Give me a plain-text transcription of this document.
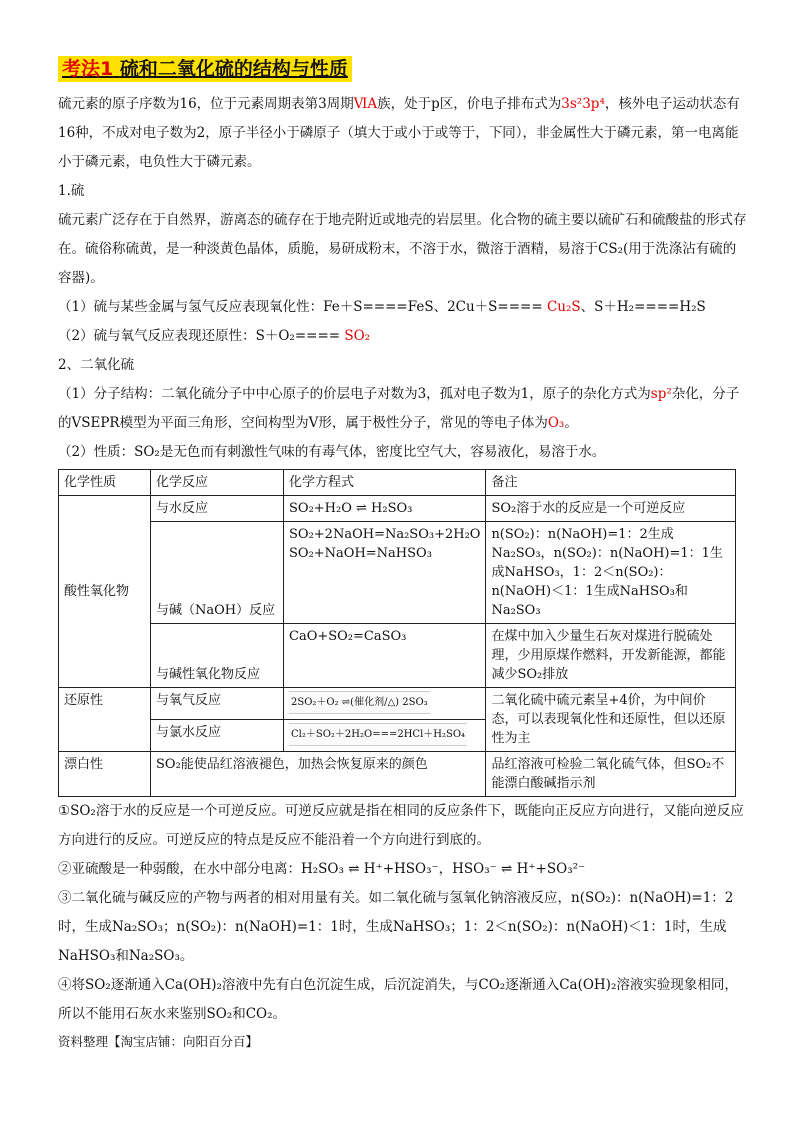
考法1 硫和二氧化硫的结构与性质

硫元素的原子序数为16，位于元素周期表第3周期ⅥA族，处于p区，价电子排布式为3s²3p⁴，核外电子运动状态有16种，不成对电子数为2，原子半径小于磷原子（填大于或小于或等于，下同），非金属性大于磷元素，第一电离能小于磷元素，电负性大于磷元素。

1.硫

硫元素广泛存在于自然界，游离态的硫存在于地壳附近或地壳的岩层里。化合物的硫主要以硫矿石和硫酸盐的形式存在。硫俗称硫黄，是一种淡黄色晶体，质脆，易研成粉末，不溶于水，微溶于酒精，易溶于CS₂(用于洗涤沾有硫的容器)。

（1）硫与某些金属与氢气反应表现氧化性：Fe＋S====FeS、2Cu＋S==== Cu₂S、S＋H₂====H₂S

（2）硫与氧气反应表现还原性：S＋O₂==== SO₂

2、二氧化硫

（1）分子结构：二氧化硫分子中中心原子的价层电子对数为3，孤对电子数为1，原子的杂化方式为sp²杂化，分子的VSEPR模型为平面三角形，空间构型为V形，属于极性分子，常见的等电子体为O₃。

（2）性质：SO₂是无色而有刺激性气味的有毒气体，密度比空气大，容易液化，易溶于水。

化学性质	化学反应	化学方程式	备注
酸性氧化物	与水反应	SO₂+H₂O ⇌ H₂SO₃	SO₂溶于水的反应是一个可逆反应
	与碱（NaOH）反应	SO₂+2NaOH=Na₂SO₃+2H₂O SO₂+NaOH=NaHSO₃	n(SO₂)：n(NaOH)=1：2生成Na₂SO₃，n(SO₂)：n(NaOH)=1：1生成NaHSO₃，1：2＜n(SO₂)：n(NaOH)＜1：1生成NaHSO₃和Na₂SO₃
	与碱性氧化物反应	CaO+SO₂=CaSO₃	在煤中加入少量生石灰对煤进行脱硫处理，少用原煤作燃料，开发新能源，都能减少SO₂排放
还原性	与氧气反应	2SO₂＋O₂ ⇌(催化剂/△) 2SO₃	二氧化硫中硫元素呈+4价，为中间价态，可以表现氧化性和还原性，但以还原性为主
	与氯水反应	Cl₂＋SO₂＋2H₂O===2HCl＋H₂SO₄	
漂白性	SO₂能使品红溶液褪色，加热会恢复原来的颜色		品红溶液可检验二氧化硫气体，但SO₂不能漂白酸碱指示剂

①SO₂溶于水的反应是一个可逆反应。可逆反应就是指在相同的反应条件下，既能向正反应方向进行，又能向逆反应方向进行的反应。可逆反应的特点是反应不能沿着一个方向进行到底的。

②亚硫酸是一种弱酸，在水中部分电离：H₂SO₃ ⇌ H⁺+HSO₃⁻，HSO₃⁻ ⇌ H⁺+SO₃²⁻

③二氧化硫与碱反应的产物与两者的相对用量有关。如二氧化硫与氢氧化钠溶液反应，n(SO₂)：n(NaOH)=1：2时，生成Na₂SO₃；n(SO₂)：n(NaOH)=1：1时，生成NaHSO₃；1：2＜n(SO₂)：n(NaOH)＜1：1时，生成NaHSO₃和Na₂SO₃。

④将SO₂逐渐通入Ca(OH)₂溶液中先有白色沉淀生成，后沉淀消失，与CO₂逐渐通入Ca(OH)₂溶液实验现象相同，所以不能用石灰水来鉴别SO₂和CO₂。

资料整理【淘宝店铺：向阳百分百】
